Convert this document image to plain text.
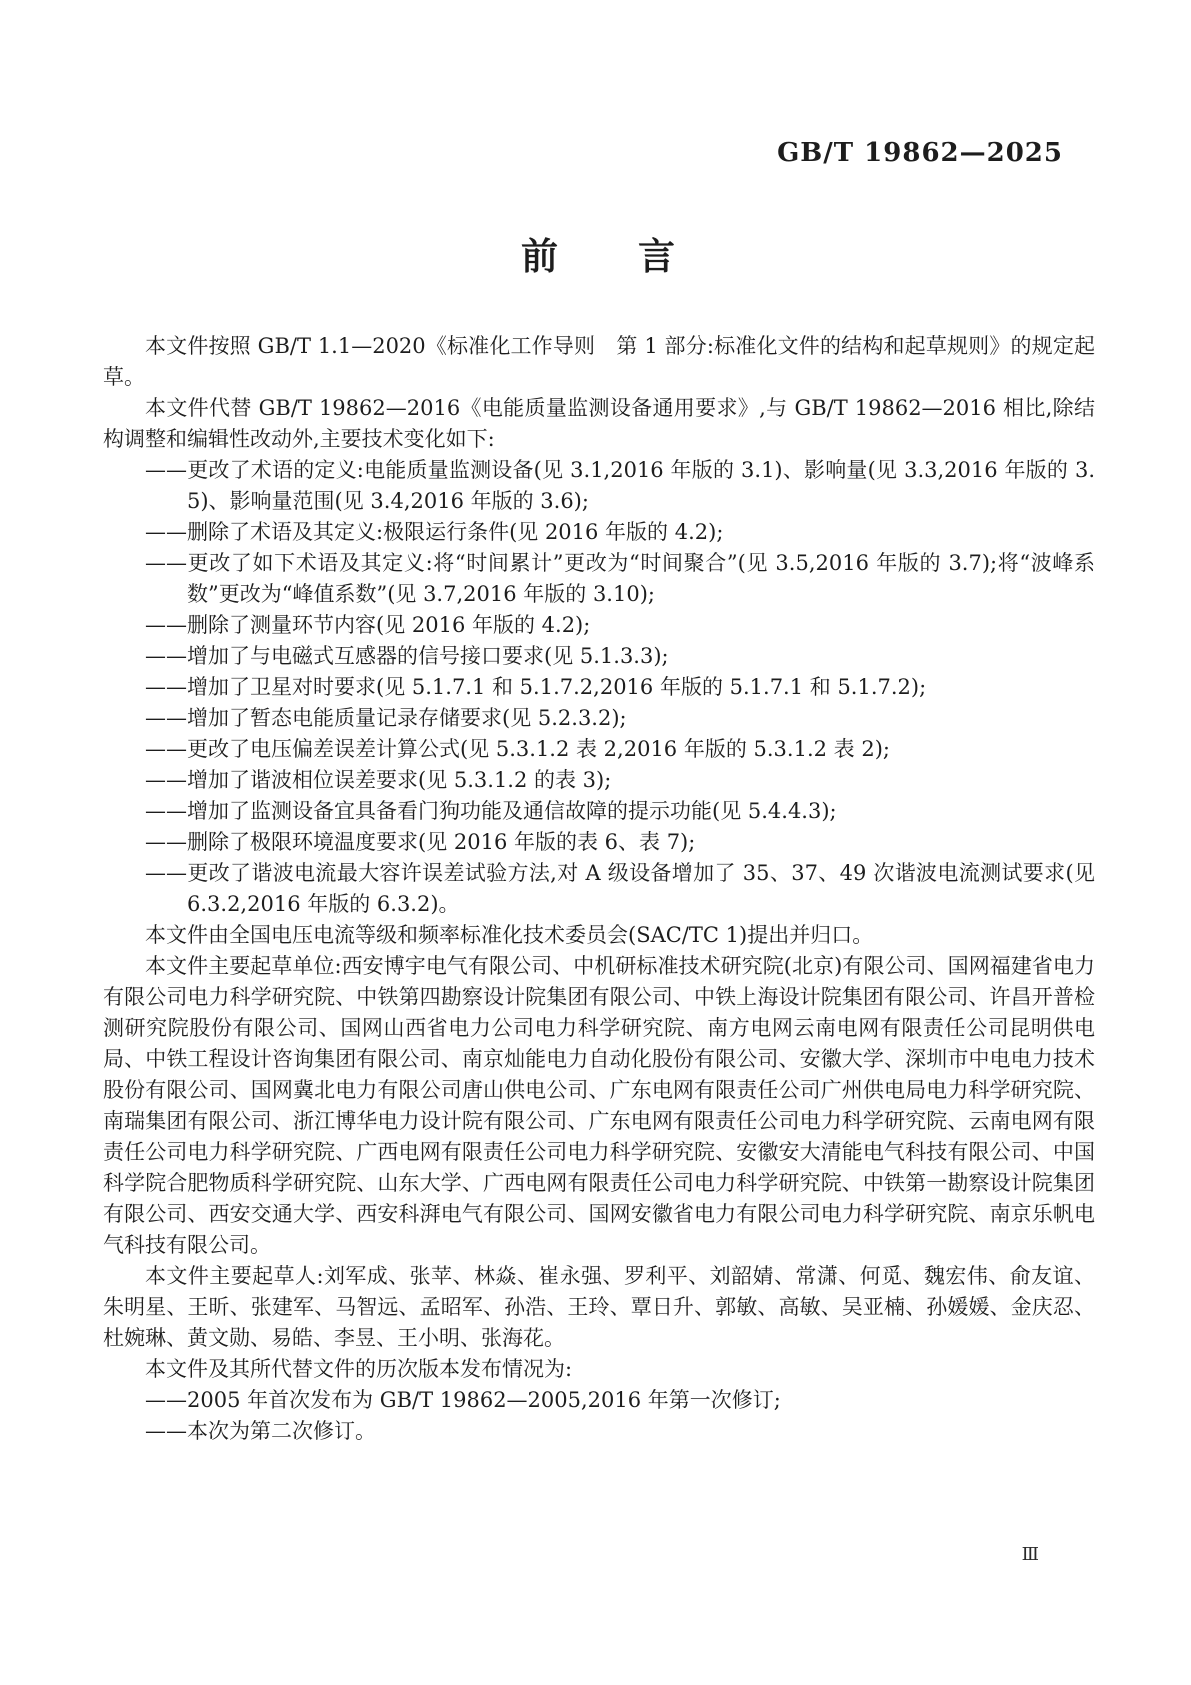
GB/T 19862—2025
前　　言

本文件按照 GB/T 1.1—2020《标准化工作导则　第 1 部分:标准化文件的结构和起草规则》的规定起草。

本文件代替 GB/T 19862—2016《电能质量监测设备通用要求》,与 GB/T 19862—2016 相比,除结构调整和编辑性改动外,主要技术变化如下:

——更改了术语的定义:电能质量监测设备(见 3.1,2016 年版的 3.1)、影响量(见 3.3,2016 年版的 3.5)、影响量范围(见 3.4,2016 年版的 3.6);
——删除了术语及其定义:极限运行条件(见 2016 年版的 4.2);
——更改了如下术语及其定义:将“时间累计”更改为“时间聚合”(见 3.5,2016 年版的 3.7);将“波峰系数”更改为“峰值系数”(见 3.7,2016 年版的 3.10);
——删除了测量环节内容(见 2016 年版的 4.2);
——增加了与电磁式互感器的信号接口要求(见 5.1.3.3);
——增加了卫星对时要求(见 5.1.7.1 和 5.1.7.2,2016 年版的 5.1.7.1 和 5.1.7.2);
——增加了暂态电能质量记录存储要求(见 5.2.3.2);
——更改了电压偏差误差计算公式(见 5.3.1.2 表 2,2016 年版的 5.3.1.2 表 2);
——增加了谐波相位误差要求(见 5.3.1.2 的表 3);
——增加了监测设备宜具备看门狗功能及通信故障的提示功能(见 5.4.4.3);
——删除了极限环境温度要求(见 2016 年版的表 6、表 7);
——更改了谐波电流最大容许误差试验方法,对 A 级设备增加了 35、37、49 次谐波电流测试要求(见 6.3.2,2016 年版的 6.3.2)。

本文件由全国电压电流等级和频率标准化技术委员会(SAC/TC 1)提出并归口。

本文件主要起草单位:西安博宇电气有限公司、中机研标准技术研究院(北京)有限公司、国网福建省电力有限公司电力科学研究院、中铁第四勘察设计院集团有限公司、中铁上海设计院集团有限公司、许昌开普检测研究院股份有限公司、国网山西省电力公司电力科学研究院、南方电网云南电网有限责任公司昆明供电局、中铁工程设计咨询集团有限公司、南京灿能电力自动化股份有限公司、安徽大学、深圳市中电电力技术股份有限公司、国网冀北电力有限公司唐山供电公司、广东电网有限责任公司广州供电局电力科学研究院、南瑞集团有限公司、浙江博华电力设计院有限公司、广东电网有限责任公司电力科学研究院、云南电网有限责任公司电力科学研究院、广西电网有限责任公司电力科学研究院、安徽安大清能电气科技有限公司、中国科学院合肥物质科学研究院、山东大学、广西电网有限责任公司电力科学研究院、中铁第一勘察设计院集团有限公司、西安交通大学、西安科湃电气有限公司、国网安徽省电力有限公司电力科学研究院、南京乐帆电气科技有限公司。

本文件主要起草人:刘军成、张苹、林焱、崔永强、罗利平、刘韶婧、常潇、何觅、魏宏伟、俞友谊、朱明星、王昕、张建军、马智远、孟昭军、孙浩、王玲、覃日升、郭敏、高敏、吴亚楠、孙媛媛、金庆忍、杜婉琳、黄文勋、易皓、李昱、王小明、张海花。

本文件及其所代替文件的历次版本发布情况为:

——2005 年首次发布为 GB/T 19862—2005,2016 年第一次修订;
——本次为第二次修订。
Ⅲ
